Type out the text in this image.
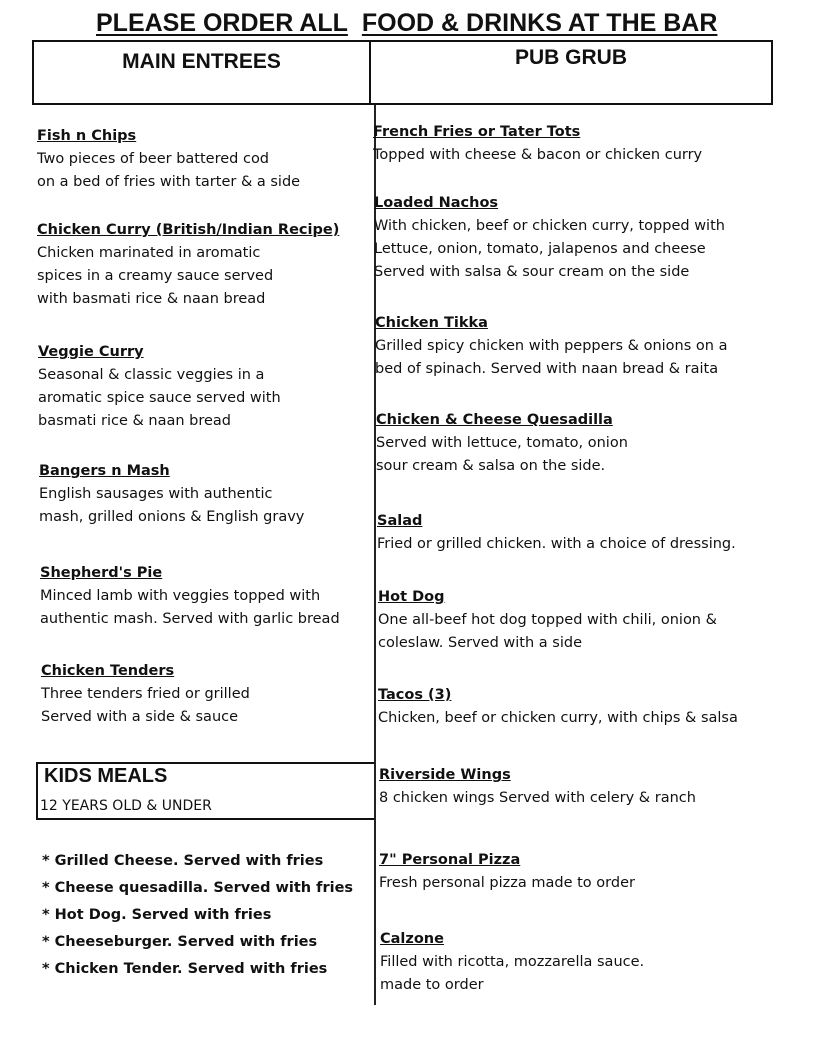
PLEASE ORDER ALL FOOD & DRINKS AT THE BAR
MAIN ENTREES	PUB GRUB
Fish n Chips
Two pieces of beer battered cod
on a bed of fries with tarter & a side
Chicken Curry (British/Indian Recipe)
Chicken marinated in aromatic
spices in a creamy sauce served
with basmati rice & naan bread
Veggie Curry
Seasonal & classic veggies in a
aromatic spice sauce served with
basmati rice & naan bread
Bangers n Mash
English sausages with authentic
mash, grilled onions & English gravy
Shepherd's Pie
Minced lamb with veggies topped with
authentic mash. Served with garlic bread
Chicken Tenders
Three tenders fried or grilled
Served with a side & sauce
KIDS MEALS
12 YEARS OLD & UNDER
* Grilled Cheese. Served with fries
* Cheese quesadilla. Served with fries
* Hot Dog. Served with fries
* Cheeseburger. Served with fries
* Chicken Tender. Served with fries
French Fries or Tater Tots
Topped with cheese & bacon or chicken curry
Loaded Nachos
With chicken, beef or chicken curry, topped with
Lettuce, onion, tomato, jalapenos and cheese
Served with salsa & sour cream on the side
Chicken Tikka
Grilled spicy chicken with peppers & onions on a
bed of spinach. Served with naan bread & raita
Chicken & Cheese Quesadilla
Served with lettuce, tomato, onion
sour cream & salsa on the side.
Salad
Fried or grilled chicken. with a choice of dressing.
Hot Dog
One all-beef hot dog topped with chili, onion &
coleslaw. Served with a side
Tacos (3)
Chicken, beef or chicken curry, with chips & salsa
Riverside Wings
8 chicken wings Served with celery & ranch
7" Personal Pizza
Fresh personal pizza made to order
Calzone
Filled with ricotta, mozzarella sauce.
made to order
